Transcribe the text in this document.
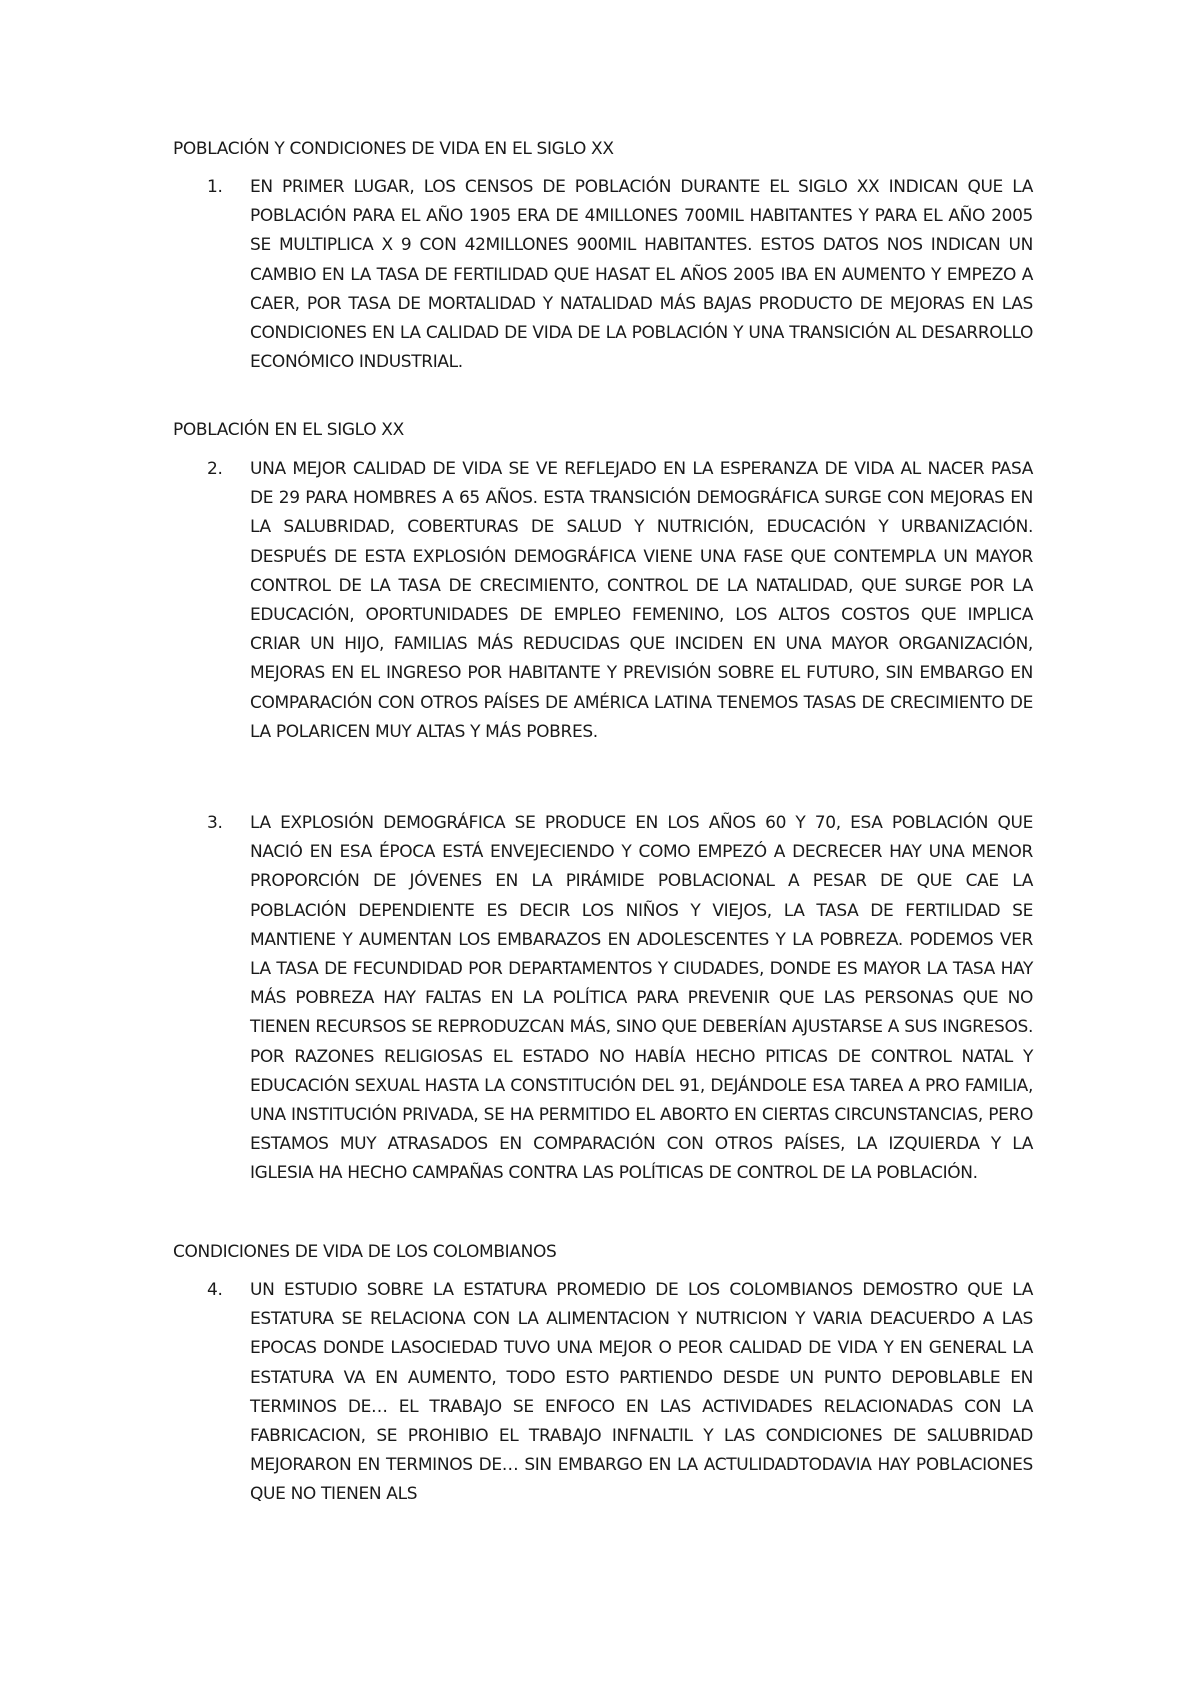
POBLACIÓN Y CONDICIONES DE VIDA EN EL SIGLO XX
1. EN PRIMER LUGAR, LOS CENSOS DE POBLACIÓN DURANTE EL SIGLO XX INDICAN QUE LA POBLACIÓN PARA EL AÑO 1905 ERA DE 4MILLONES 700MIL HABITANTES Y PARA EL AÑO 2005 SE MULTIPLICA X 9 CON 42MILLONES 900MIL HABITANTES. ESTOS DATOS NOS INDICAN UN CAMBIO EN LA TASA DE FERTILIDAD QUE HASAT EL AÑOS 2005 IBA EN AUMENTO Y EMPEZO A CAER, POR TASA DE MORTALIDAD Y NATALIDAD MÁS BAJAS PRODUCTO DE MEJORAS EN LAS CONDICIONES EN LA CALIDAD DE VIDA DE LA POBLACIÓN Y UNA TRANSICIÓN AL DESARROLLO ECONÓMICO INDUSTRIAL.

POBLACIÓN EN EL SIGLO XX
2. UNA MEJOR CALIDAD DE VIDA SE VE REFLEJADO EN LA ESPERANZA DE VIDA AL NACER PASA DE 29 PARA HOMBRES A 65 AÑOS. ESTA TRANSICIÓN DEMOGRÁFICA SURGE CON MEJORAS EN LA SALUBRIDAD, COBERTURAS DE SALUD Y NUTRICIÓN, EDUCACIÓN Y URBANIZACIÓN. DESPUÉS DE ESTA EXPLOSIÓN DEMOGRÁFICA VIENE UNA FASE QUE CONTEMPLA UN MAYOR CONTROL DE LA TASA DE CRECIMIENTO, CONTROL DE LA NATALIDAD, QUE SURGE POR LA EDUCACIÓN, OPORTUNIDADES DE EMPLEO FEMENINO, LOS ALTOS COSTOS QUE IMPLICA CRIAR UN HIJO, FAMILIAS MÁS REDUCIDAS QUE INCIDEN EN UNA MAYOR ORGANIZACIÓN, MEJORAS EN EL INGRESO POR HABITANTE Y PREVISIÓN SOBRE EL FUTURO, SIN EMBARGO EN COMPARACIÓN CON OTROS PAÍSES DE AMÉRICA LATINA TENEMOS TASAS DE CRECIMIENTO DE LA POLARICEN MUY ALTAS Y MÁS POBRES.

3. LA EXPLOSIÓN DEMOGRÁFICA SE PRODUCE EN LOS AÑOS 60 Y 70, ESA POBLACIÓN QUE NACIÓ EN ESA ÉPOCA ESTÁ ENVEJECIENDO Y COMO EMPEZÓ A DECRECER HAY UNA MENOR PROPORCIÓN DE JÓVENES EN LA PIRÁMIDE POBLACIONAL A PESAR DE QUE CAE LA POBLACIÓN DEPENDIENTE ES DECIR LOS NIÑOS Y VIEJOS, LA TASA DE FERTILIDAD SE MANTIENE Y AUMENTAN LOS EMBARAZOS EN ADOLESCENTES Y LA POBREZA. PODEMOS VER LA TASA DE FECUNDIDAD POR DEPARTAMENTOS Y CIUDADES, DONDE ES MAYOR LA TASA HAY MÁS POBREZA HAY FALTAS EN LA POLÍTICA PARA PREVENIR QUE LAS PERSONAS QUE NO TIENEN RECURSOS SE REPRODUZCAN MÁS, SINO QUE DEBERÍAN AJUSTARSE A SUS INGRESOS. POR RAZONES RELIGIOSAS EL ESTADO NO HABÍA HECHO PITICAS DE CONTROL NATAL Y EDUCACIÓN SEXUAL HASTA LA CONSTITUCIÓN DEL 91, DEJÁNDOLE ESA TAREA A PRO FAMILIA, UNA INSTITUCIÓN PRIVADA, SE HA PERMITIDO EL ABORTO EN CIERTAS CIRCUNSTANCIAS, PERO ESTAMOS MUY ATRASADOS EN COMPARACIÓN CON OTROS PAÍSES, LA IZQUIERDA Y LA IGLESIA HA HECHO CAMPAÑAS CONTRA LAS POLÍTICAS DE CONTROL DE LA POBLACIÓN.

CONDICIONES DE VIDA DE LOS COLOMBIANOS
4. UN ESTUDIO SOBRE LA ESTATURA PROMEDIO DE LOS COLOMBIANOS DEMOSTRO QUE LA ESTATURA SE RELACIONA CON LA ALIMENTACION Y NUTRICION Y VARIA DEACUERDO A LAS EPOCAS DONDE LASOCIEDAD TUVO UNA MEJOR O PEOR CALIDAD DE VIDA Y EN GENERAL LA ESTATURA VA EN AUMENTO, TODO ESTO PARTIENDO DESDE UN PUNTO DEPOBLABLE EN TERMINOS DE… EL TRABAJO SE ENFOCO EN LAS ACTIVIDADES RELACIONADAS CON LA FABRICACION, SE PROHIBIO EL TRABAJO INFNALTIL Y LAS CONDICIONES DE SALUBRIDAD MEJORARON EN TERMINOS DE… SIN EMBARGO EN LA ACTULIDADTODAVIA HAY POBLACIONES QUE NO TIENEN ALS
